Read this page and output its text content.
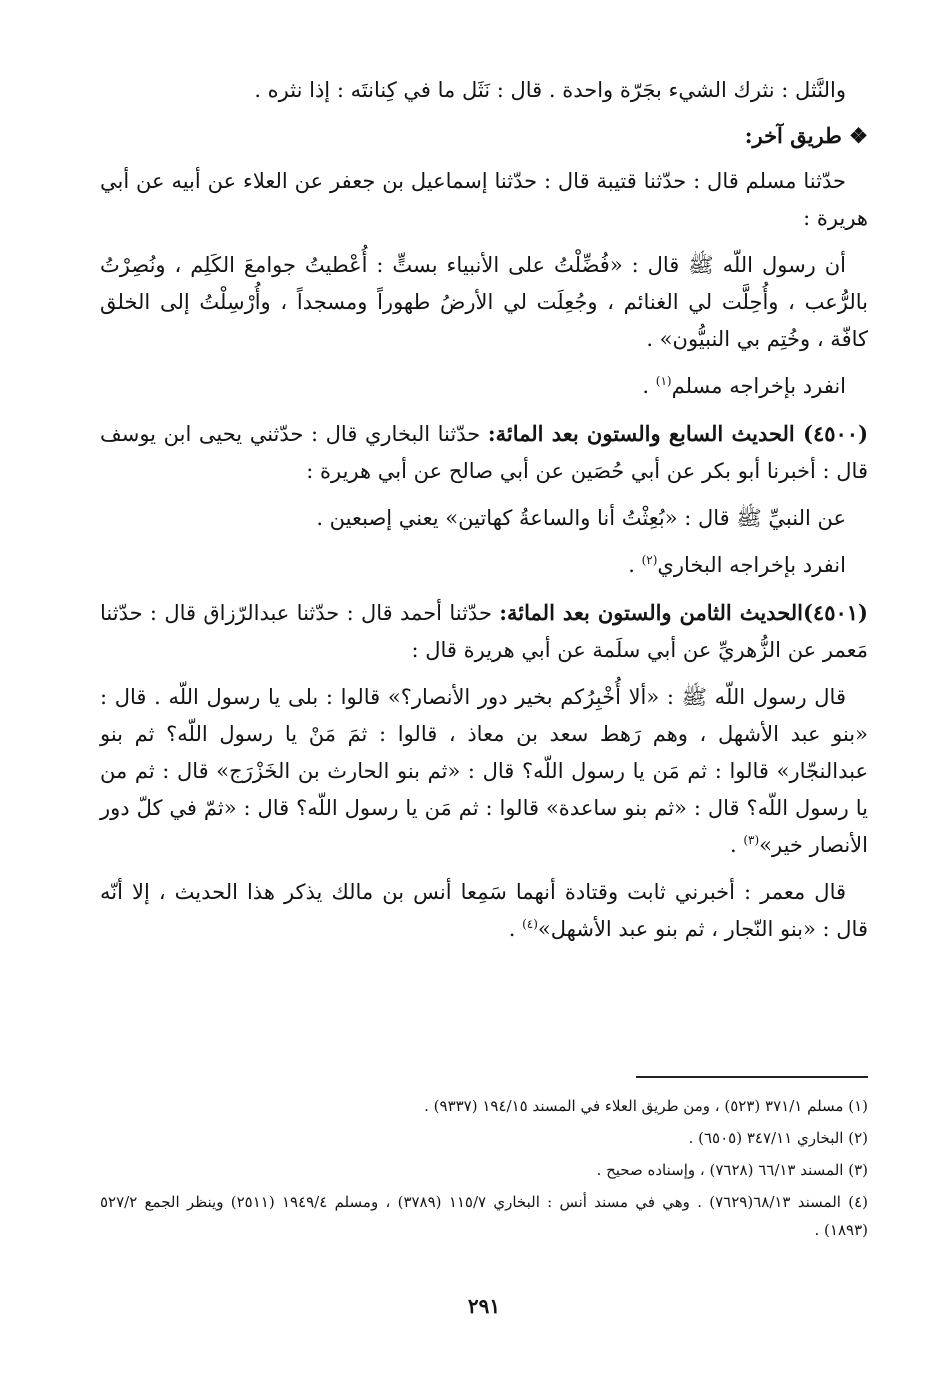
والنَّثل : نثرك الشيء بجَرّة واحدة . قال : نَثَل ما في كِنانتَه : إذا نثره .

❖ طريق آخر:

حدّثنا مسلم قال : حدّثنا قتيبة قال : حدّثنا إسماعيل بن جعفر عن العلاء عن أبيه عن أبي هريرة :

أن رسول اللّه ﷺ قال : «فُضِّلْتُ على الأنبياء بستٍّ : أُعْطيتُ جوامعَ الكَلِم ، ونُصِرْتُ بالرُّعب ، وأُحِلَّت لي الغنائم ، وجُعِلَت لي الأرضُ طهوراً ومسجداً ، وأُرْسِلْتُ إلى الخلق كافّة ، وخُتِم بي النبيُّون» .

انفرد بإخراجه مسلم$^{(١)}$ .

(٤٥٠٠) الحديث السابع والستون بعد المائة: حدّثنا البخاري قال : حدّثني يحيى ابن يوسف قال : أخبرنا أبو بكر عن أبي حُصَين عن أبي صالح عن أبي هريرة :

عن النبيِّ ﷺ قال : «بُعِثْتُ أنا والساعةُ كهاتين» يعني إصبعين .

انفرد بإخراجه البخاري$^{(٢)}$ .

(٤٥٠١)الحديث الثامن والستون بعد المائة: حدّثنا أحمد قال : حدّثنا عبدالرّزاق قال : حدّثنا مَعمر عن الزُّهريِّ عن أبي سلَمة عن أبي هريرة قال :

قال رسول اللّه ﷺ : «ألا أُخْبِرُكم بخير دور الأنصار؟» قالوا : بلى يا رسول اللّه . قال : «بنو عبد الأشهل ، وهم رَهط سعد بن معاذ ، قالوا : ثمَ مَنْ يا رسول اللّه؟ ثم بنو عبدالنجّار» قالوا : ثم مَن يا رسول اللّه؟ قال : «ثم بنو الحارث بن الخَزْرَج» قال : ثم من يا رسول اللّه؟ قال : «ثم بنو ساعدة» قالوا : ثم مَن يا رسول اللّه؟ قال : «ثمّ في كلّ دور الأنصار خير»$^{(٣)}$ .

قال معمر : أخبرني ثابت وقتادة أنهما سَمِعا أنس بن مالك يذكر هذا الحديث ، إلا أنّه قال : «بنو النّجار ، ثم بنو عبد الأشهل»$^{(٤)}$ .

(١) مسلم ٣٧١/١ (٥٢٣) ، ومن طريق العلاء في المسند ١٩٤/١٥ (٩٣٣٧) .

(٢) البخاري ٣٤٧/١١ (٦٥٠٥) .

(٣) المسند ٦٦/١٣ (٧٦٢٨) ، وإسناده صحيح .

(٤) المسند ٦٨/١٣(٧٦٢٩) . وهي في مسند أنس : البخاري ١١٥/٧ (٣٧٨٩) ، ومسلم ١٩٤٩/٤ (٢٥١١) وينظر الجمع ٥٢٧/٢ (١٨٩٣) .

٢٩١
